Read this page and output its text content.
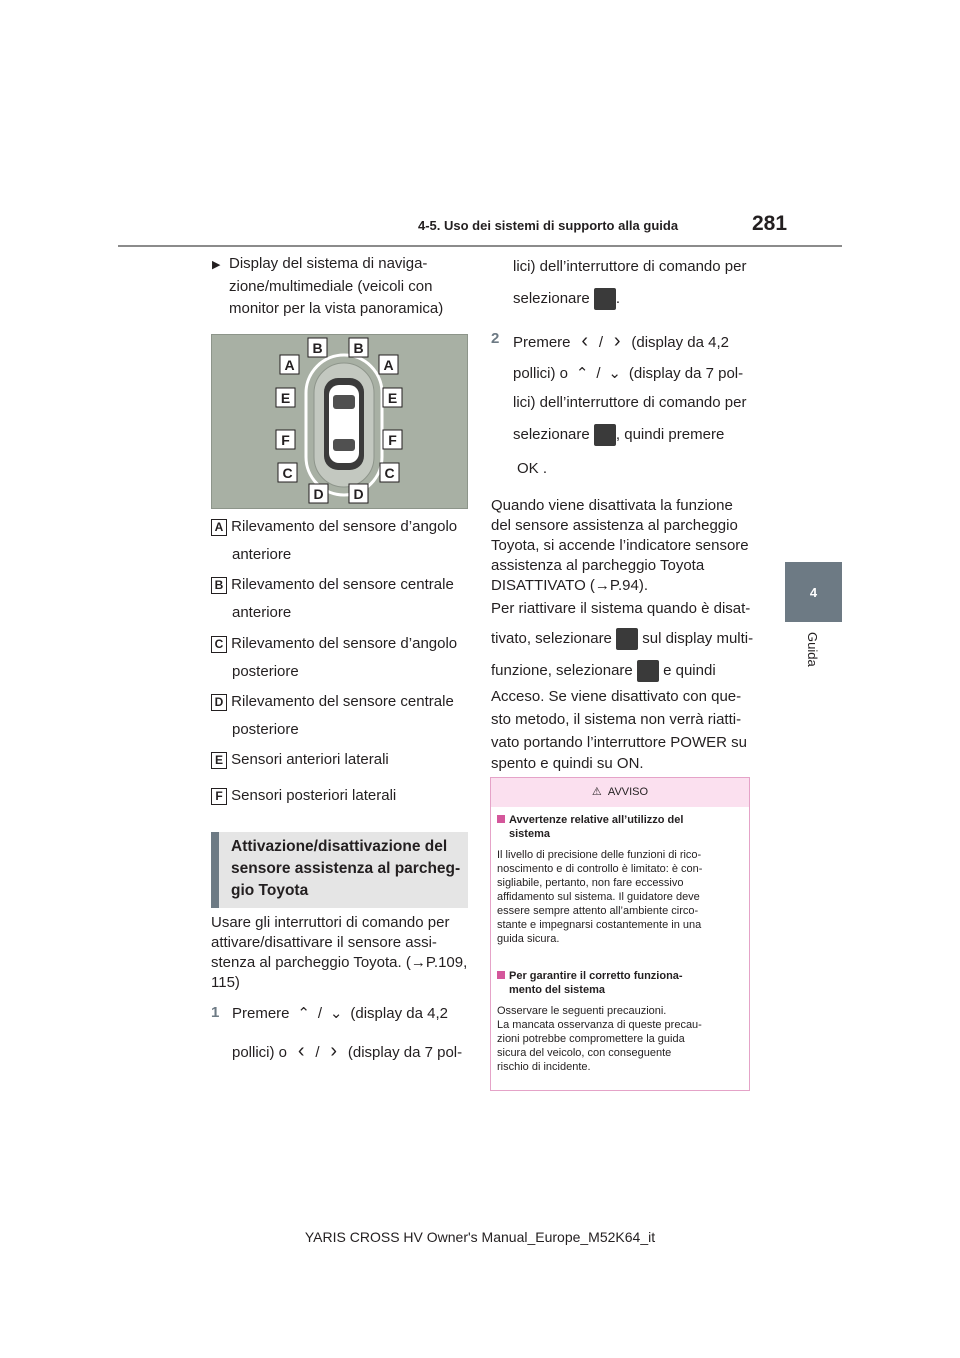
4-5. Uso dei sistemi di supporto alla guida	281
4
Guida
▶ Display del sistema di naviga-
zione/multimediale (veicoli con
monitor per la vista panoramica)
B B
A	A
E	E
F	F
C	C
D D
A Rilevamento del sensore d’angolo
anteriore
B Rilevamento del sensore centrale
anteriore
C Rilevamento del sensore d’angolo
posteriore
D Rilevamento del sensore centrale
posteriore
E Sensori anteriori laterali
F Sensori posteriori laterali
Attivazione/disattivazione del
sensore assistenza al parcheg-
gio Toyota
Usare gli interruttori di comando per
attivare/disattivare il sensore assi-
stenza al parcheggio Toyota. (→P.109,
115)
1 Premere ⌃ / ⌄ (display da 4,2
pollici) o ‹ / › (display da 7 pol-
lici) dell’interruttore di comando per
selezionare .
2 Premere ‹ / › (display da 4,2
pollici) o ⌃ / ⌄ (display da 7 pol-
lici) dell’interruttore di comando per
selezionare , quindi premere
OK .
Quando viene disattivata la funzione
del sensore assistenza al parcheggio
Toyota, si accende l’indicatore sensore
assistenza al parcheggio Toyota
DISATTIVATO (→P.94).
Per riattivare il sistema quando è disat-
tivato, selezionare sul display multi-
funzione, selezionare e quindi
Acceso. Se viene disattivato con que-
sto metodo, il sistema non verrà riatti-
vato portando l’interruttore POWER su
spento e quindi su ON.
⚠ AVVISO
Avvertenze relative all’utilizzo del
sistema
Il livello di precisione delle funzioni di rico-
noscimento e di controllo è limitato: è con-
sigliabile, pertanto, non fare eccessivo
affidamento sul sistema. Il guidatore deve
essere sempre attento all’ambiente circo-
stante e impegnarsi costantemente in una
guida sicura.
Per garantire il corretto funziona-
mento del sistema
Osservare le seguenti precauzioni.
La mancata osservanza di queste precau-
zioni potrebbe compromettere la guida
sicura del veicolo, con conseguente
rischio di incidente.
YARIS CROSS HV Owner's Manual_Europe_M52K64_it
